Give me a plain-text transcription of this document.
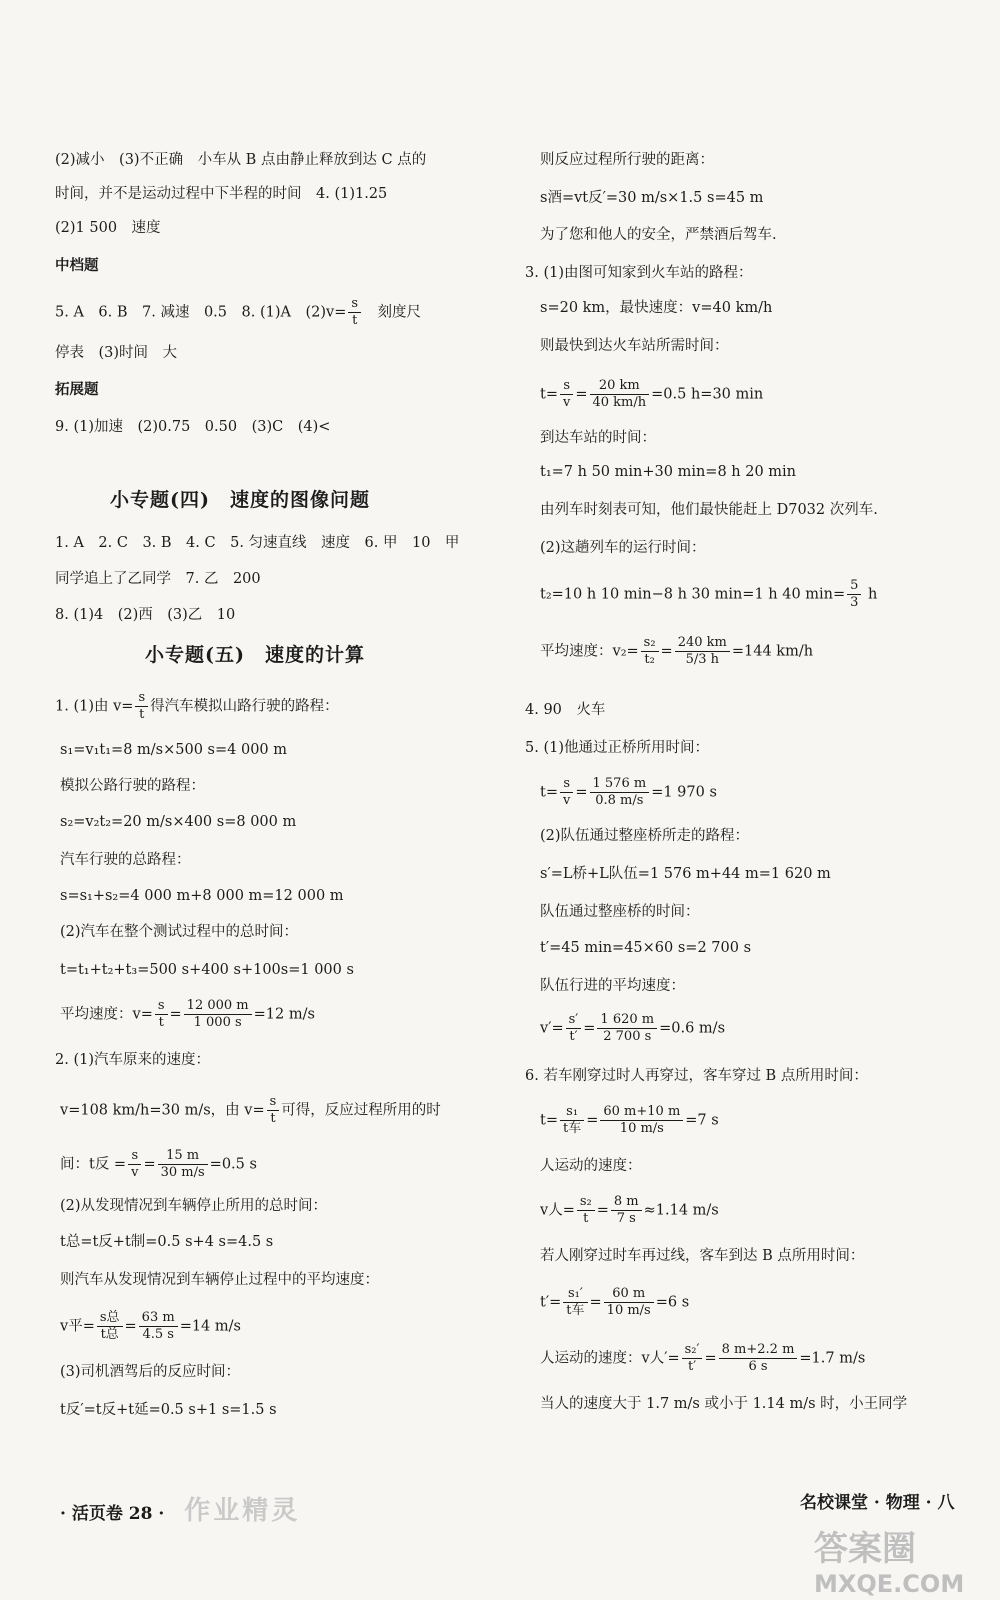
(2)减小　(3)不正确　小车从 B 点由静止释放到达 C 点的
时间，并不是运动过程中下半程的时间　4. (1)1.25
(2)1 500　速度
中档题
5. A　6. B　7. 减速　0.5　8. (1)A　$(2)v= \frac{s}{t}$ 　刻度尺
停表　(3)时间　大
拓展题
9. (1)加速　(2)0.75　0.50　(3)C　(4)<
小专题(四)　速度的图像问题
1. A　2. C　3. B　4. C　5. 匀速直线　速度　6. 甲　10　甲
同学追上了乙同学　7. 乙　200
8. (1)4　(2)西　(3)乙　10
小专题(五)　速度的计算
1. (1)由 $v= \frac{s}{t}$ 得汽车模拟山路行驶的路程：
s₁=v₁t₁=8 m/s×500 s=4 000 m
模拟公路行驶的路程：
s₂=v₂t₂=20 m/s×400 s=8 000 m
汽车行驶的总路程：
s=s₁+s₂=4 000 m+8 000 m=12 000 m
(2)汽车在整个测试过程中的总时间：
t=t₁+t₂+t₃=500 s+400 s+100s=1 000 s
平均速度：$v= \frac{s}{t} = \frac{12 000 m}{1 000 s} =12$ m/s
2. (1)汽车原来的速度：
v=108 km/h=30 m/s，由 $v= \frac{s}{t}$ 可得，反应过程所用的时
间：t反 = $\frac{s}{v} = \frac{15 m}{30 m/s} =0.5$ s
(2)从发现情况到车辆停止所用的总时间：
t总=t反+t制=0.5 s+4 s=4.5 s
则汽车从发现情况到车辆停止过程中的平均速度：
v平= $\frac{\text{s总}}{\text{t总}} = \frac{63 m}{4.5 s} =14$ m/s
(3)司机酒驾后的反应时间：
t反′=t反+t延=0.5 s+1 s=1.5 s
则反应过程所行驶的距离：
s酒=vt反′=30 m/s×1.5 s=45 m
为了您和他人的安全，严禁酒后驾车.
3. (1)由图可知家到火车站的路程：
s=20 km，最快速度：v=40 km/h
则最快到达火车站所需时间：
$t= \frac{s}{v} = \frac{20 km}{40 km/h} =0.5$ h=30 min
到达车站的时间：
t₁=7 h 50 min+30 min=8 h 20 min
由列车时刻表可知，他们最快能赶上 D7032 次列车.
(2)这趟列车的运行时间：
t₂=10 h 10 min−8 h 30 min=1 h 40 $\min= \frac{5}{3}$ h
平均速度：$v_2= \frac{\text{s₂}}{\text{t₂}} = \frac{240 km}{5/3 h} =144$ km/h
4. 90　火车
5. (1)他通过正桥所用时间：
$t= \frac{s}{v} = \frac{1 576 m}{0.8 m/s} =1$ 970 s
(2)队伍通过整座桥所走的路程：
s′=L桥+L队伍=1 576 m+44 m=1 620 m
队伍通过整座桥的时间：
t′=45 min=45×60 s=2 700 s
队伍行进的平均速度：
$v'= \frac{s'}{t'} = \frac{1 620 m}{2 700 s} =0.6$ m/s
6. 若车刚穿过时人再穿过，客车穿过 B 点所用时间：
$t= \frac{\text{s₁}}{\text{t车}} = \frac{60 m+10 m}{10 m/s} =7$ s
人运动的速度：
v人= $\frac{\text{s₂}}{t} = \frac{8 m}{7 s} \approx 1.14$ m/s
若人刚穿过时车再过线，客车到达 B 点所用时间：
$t'= \frac{\text{s₁′}}{\text{t车}} = \frac{60 m}{10 m/s} =6$ s
人运动的速度：v人′= $\frac{\text{s₂′}}{t'} = \frac{8 m+2.2 m}{6 s} =1.7$ m/s
当人的速度大于 1.7 m/s 或小于 1.14 m/s 时，小王同学
· 活页卷 28 · 作业精灵	名校课堂 · 物理 · 八
答案圈
MXQE.COM
